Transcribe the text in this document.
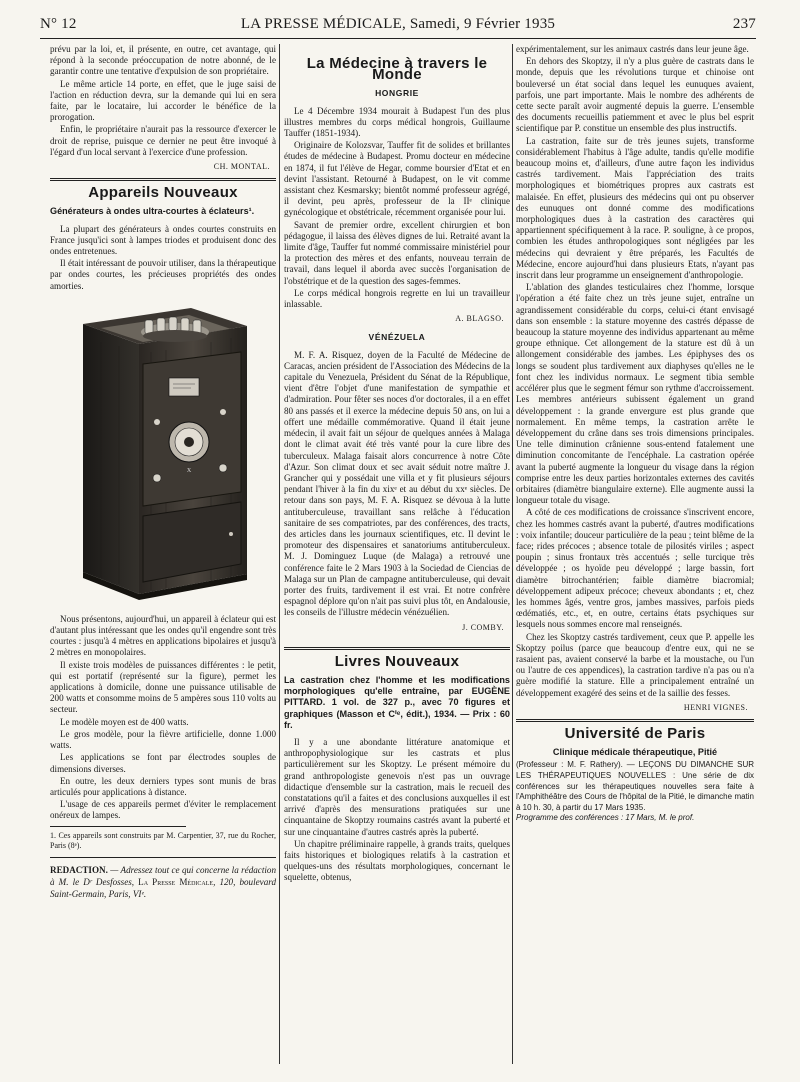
N° 12	LA PRESSE MÉDICALE, Samedi, 9 Février 1935	237

prévu par la loi, et, il présente, en outre, cet avantage, qui répond à la seconde préoccupation de notre abonné, de le garantir contre une tentative d'expulsion de son propriétaire.

Le même article 14 porte, en effet, que le juge saisi de l'action en réduction devra, sur la demande qui lui en sera faite, par le locataire, lui accorder le bénéfice de la prorogation.

Enfin, le propriétaire n'aurait pas la ressource d'exercer le droit de reprise, puisque ce dernier ne peut être invoqué à l'égard d'un local servant à l'exercice d'une profession.

CH. MONTAL.
Appareils Nouveaux
Générateurs à ondes ultra-courtes à éclateurs¹.

La plupart des générateurs à ondes courtes construits en France jusqu'ici sont à lampes triodes et produisent donc des ondes entretenues.

Il était intéressant de pouvoir utiliser, dans la thérapeutique par ondes courtes, les précieuses propriétés des ondes amorties.

X

Nous présentons, aujourd'hui, un appareil à éclateur qui est d'autant plus intéressant que les ondes qu'il engendre sont très courtes : jusqu'à 4 mètres en applications bipolaires et jusqu'à 2 mètres en monopolaires.

Il existe trois modèles de puissances différentes : le petit, qui est portatif (représenté sur la figure), permet les applications à domicile, donne une puissance utilisable de 200 watts et consomme moins de 5 ampères sous 110 volts au secteur.

Le modèle moyen est de 400 watts.

Le gros modèle, pour la fièvre artificielle, donne 1.000 watts.

Les applications se font par électrodes souples de dimensions diverses.

En outre, les deux derniers types sont munis de bras articulés pour applications à distance.

L'usage de ces appareils permet d'éviter le remplacement onéreux de lampes.

1. Ces appareils sont construits par M. Carpentier, 37, rue du Rocher, Paris (8ᵉ).
REDACTION. — Adressez tout ce qui concerne la rédaction à M. le Dʳ Desfosses, La Presse Médicale, 120, boulevard Saint-Germain, Paris, VIᵉ.
La Médecine à travers le Monde
HONGRIE

Le 4 Décembre 1934 mourait à Budapest l'un des plus illustres membres du corps médical hongrois, Guillaume Tauffer (1851-1934).

Originaire de Kolozsvar, Tauffer fit de solides et brillantes études de médecine à Budapest. Promu docteur en médecine en 1874, il fut l'élève de Hegar, comme boursier d'Etat et en devint l'assistant. Retourné à Budapest, on le vit comme assistant chez Kesmarsky; bientôt nommé professeur agrégé, il devint, peu après, professeur de la IIᵉ clinique gynécologique et obstétricale, récemment organisée pour lui.

Savant de premier ordre, excellent chirurgien et bon pédagogue, il laissa des élèves dignes de lui. Retraité avant la limite d'âge, Tauffer fut nommé commissaire ministériel pour la protection des mères et des enfants, nouveau terrain de travail, dans lequel il aborda avec succès l'organisation de l'obstétrique et de la question des sages-femmes.

Le corps médical hongrois regrette en lui un travailleur inlassable.

A. BLAGSO.
VÉNÉZUELA

M. F. A. Risquez, doyen de la Faculté de Médecine de Caracas, ancien président de l'Association des Médecins de la capitale du Venezuela, Président du Sénat de la République, vient d'être l'objet d'une manifestation de sympathie et d'admiration. Pour fêter ses noces d'or doctorales, il a en effet 80 ans passés et il exerce la médecine depuis 50 ans, on lui a offert une médaille commémorative. Quand il était jeune médecin, il avait fait un séjour de quelques années à Malaga dont le climat avait été très vanté pour la cure libre des tuberculeux. Malaga faisait alors concurrence à notre Côte d'Azur. Son climat doux et sec avait séduit notre maître J. Grancher qui y possédait une villa et y fit plusieurs séjours pendant l'hiver à la fin du xixᵉ et au début du xxᵉ siècles. De retour dans son pays, M. F. A. Risquez se dévoua à la lutte antituberculeuse, travaillant sans relâche à l'éducation sanitaire de ses compatriotes, par des conférences, des tracts, des articles dans les journaux scientifiques, etc. Il devint le promoteur des dispensaires et sanatoriums antituberculeux. M. J. Dominguez Luque (de Malaga) a retrouvé une conférence faite le 2 Mars 1903 à la Sociedad de Ciencias de Malaga sur un Plan de campagne antituberculeuse, qui devait porter des fruits, tardivement il est vrai. Et notre confrère espagnol déplore qu'on n'ait pas suivi plus tôt, en Andalousie, les conseils de l'illustre médecin vénézuélien.

J. COMBY.
Livres Nouveaux
La castration chez l'homme et les modifications morphologiques qu'elle entraîne, par EUGÈNE PITTARD. 1 vol. de 327 p., avec 70 figures et graphiques (Masson et Cⁱᵉ, édit.), 1934. — Prix : 60 fr.

Il y a une abondante littérature anatomique et anthropophysiologique sur les castrats et plus particulièrement sur les Skoptzy. Le présent mémoire du grand anthropologiste genevois n'est pas un ouvrage didactique d'ensemble sur la castration, mais le recueil des constatations qu'il a faites et des conclusions auxquelles il est arrivé d'après des mensurations pratiquées sur une cinquantaine de Skoptzy roumains castrés avant la puberté et sur une cinquantaine d'autres castrés après la puberté.

Un chapitre préliminaire rappelle, à grands traits, quelques faits historiques et biologiques relatifs à la castration et quelques-uns des résultats morphologiques, concernant le squelette, obtenus,

expérimentalement, sur les animaux castrés dans leur jeune âge.

En dehors des Skoptzy, il n'y a plus guère de castrats dans le monde, depuis que les révolutions turque et chinoise ont bouleversé un état social dans lequel les eunuques avaient, parfois, une part importante. Mais le nombre des adhérents de cette secte paraît avoir augmenté depuis la guerre. L'ensemble des documents recueillis patiemment et avec le plus bel esprit scientifique par P. constitue un ensemble des plus instructifs.

La castration, faite sur de très jeunes sujets, transforme considérablement l'habitus à l'âge adulte, tandis qu'elle modifie beaucoup moins et, d'ailleurs, d'une autre façon les individus castrés tardivement. Mais l'appréciation des traits morphologiques et biométriques propres aux castrats est malaisée. En effet, plusieurs des médecins qui ont pu observer des eunuques ont donné comme des modifications morphologiques dues à la castration des caractères qui appartiennent spécifiquement à la race. P. souligne, à ce propos, combien les études anthropologiques sont négligées par les médecins qui devraient y être préparés, les Facultés de Médecine, encore aujourd'hui dans plusieurs Etats, n'ayant pas inscrit dans leur programme un enseignement d'anthropologie.

L'ablation des glandes testiculaires chez l'homme, lorsque l'opération a été faite chez un très jeune sujet, entraîne un agrandissement considérable du corps, celui-ci étant envisagé dans son ensemble : la stature moyenne des castrés dépasse de beaucoup la stature moyenne des individus appartenant au même groupe ethnique. Cet allongement de la stature est dû à un allongement considérable des jambes. Les épiphyses des os longs se soudent plus tardivement aux diaphyses qu'elles ne le font chez les individus normaux. Le segment tibia semble accélérer plus que le segment fémur son rythme d'accroissement. Les membres antérieurs subissent également un grand développement : la grande envergure est plus grande que normalement. En même temps, la castration arrête le développement du crâne dans ses trois dimensions principales. Une telle diminution crânienne sous-entend fatalement une diminution concomitante de l'encéphale. La castration opérée avant la puberté augmente la longueur du visage dans la région comprise entre les deux parties horizontales externes des cavités orbitaires (diamètre biangulaire externe). Elle augmente aussi la longueur totale du visage.

A côté de ces modifications de croissance s'inscrivent encore, chez les hommes castrés avant la puberté, d'autres modifications : voix infantile; douceur particulière de la peau ; teint blême de la face; rides précoces ; absence totale de pilosités viriles ; aspect poupin ; sinus frontaux très accentués ; selle turcique très développée ; os hyoïde peu développé ; large bassin, fort diamètre bitrochantérien; faible diamètre biacromial; développement adipeux précoce; cheveux abondants ; et, chez les hommes âgés, ventre gros, jambes massives, parfois pieds œdématiés, etc., et, en outre, certains états psychiques sur lesquels nous sommes encore mal renseignés.

Chez les Skoptzy castrés tardivement, ceux que P. appelle les Skoptzy poilus (parce que beaucoup d'entre eux, qui ne se rasaient pas, avaient conservé la barbe et la moustache, ou l'un ou l'autre de ces appendices), la castration tardive n'a pas ou n'a guère modifié la stature. Elle a principalement entraîné un développement exagéré des seins et de la saillie des fesses.

HENRI VIGNES.
Université de Paris
Clinique médicale thérapeutique, Pitié
(Professeur : M. F. Rathery). — LEÇONS DU DIMANCHE SUR LES THÉRAPEUTIQUES NOUVELLES : Une série de dix conférences sur les thérapeutiques nouvelles sera faite à l'Amphithéâtre des Cours de l'hôpital de la Pitié, le dimanche matin à 10 h. 30, à partir du 17 Mars 1935.
Programme des conférences : 17 Mars, M. le prof.
